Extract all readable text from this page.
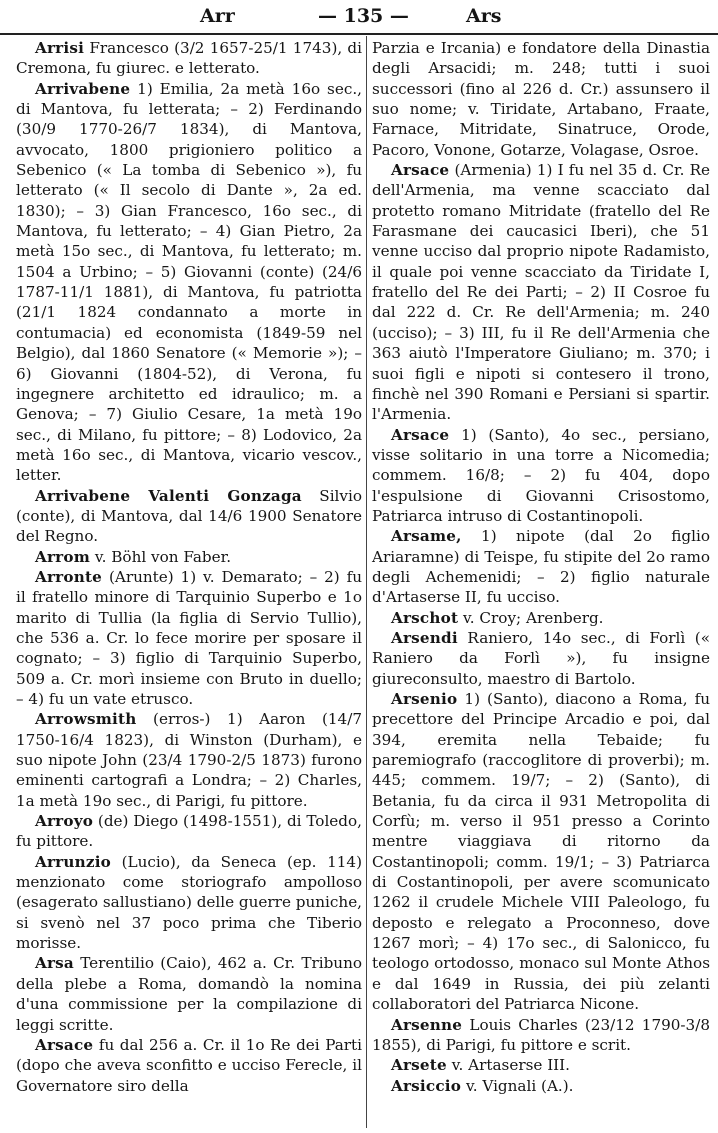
Arr	— 135 —	Ars

Arrisi Francesco (3/2 1657-25/1 1743), di Cremona, fu giurec. e letterato.

Arrivabene 1) Emilia, 2a metà 16o sec., di Mantova, fu letterata; – 2) Ferdinando (30/9 1770-26/7 1834), di Mantova, avvocato, 1800 prigioniero politico a Sebenico (« La tomba di Sebenico »), fu letterato (« Il secolo di Dante », 2a ed. 1830); – 3) Gian Francesco, 16o sec., di Mantova, fu letterato; – 4) Gian Pietro, 2a metà 15o sec., di Mantova, fu letterato; m. 1504 a Urbino; – 5) Giovanni (conte) (24/6 1787-11/1 1881), di Mantova, fu patriotta (21/1 1824 condannato a morte in contumacia) ed economista (1849-59 nel Belgio), dal 1860 Senatore (« Memorie »); – 6) Giovanni (1804-52), di Verona, fu ingegnere architetto ed idraulico; m. a Genova; – 7) Giulio Cesare, 1a metà 19o sec., di Milano, fu pittore; – 8) Lodovico, 2a metà 16o sec., di Mantova, vicario vescov., letter.

Arrivabene Valenti Gonzaga Silvio (conte), di Mantova, dal 14/6 1900 Senatore del Regno.

Arrom v. Böhl von Faber.

Arronte (Arunte) 1) v. Demarato; – 2) fu il fratello minore di Tarquinio Superbo e 1o marito di Tullia (la figlia di Servio Tullio), che 536 a. Cr. lo fece morire per sposare il cognato; – 3) figlio di Tarquinio Superbo, 509 a. Cr. morì insieme con Bruto in duello; – 4) fu un vate etrusco.

Arrowsmith (erros-) 1) Aaron (14/7 1750-16/4 1823), di Winston (Durham), e suo nipote John (23/4 1790-2/5 1873) furono eminenti cartografi a Londra; – 2) Charles, 1a metà 19o sec., di Parigi, fu pittore.

Arroyo (de) Diego (1498-1551), di Toledo, fu pittore.

Arrunzio (Lucio), da Seneca (ep. 114) menzionato come storiografo ampolloso (esagerato sallustiano) delle guerre puniche, si svenò nel 37 poco prima che Tiberio morisse.

Arsa Terentilio (Caio), 462 a. Cr. Tribuno della plebe a Roma, domandò la nomina d'una commissione per la compilazione di leggi scritte.

Arsace fu dal 256 a. Cr. il 1o Re dei Parti (dopo che aveva sconfitto e ucciso Ferecle, il Governatore siro della

Parzia e Ircania) e fondatore della Dinastia degli Arsacidi; m. 248; tutti i suoi successori (fino al 226 d. Cr.) assunsero il suo nome; v. Tiridate, Artabano, Fraate, Farnace, Mitridate, Sinatruce, Orode, Pacoro, Vonone, Gotarze, Volagase, Osroe.

Arsace (Armenia) 1) I fu nel 35 d. Cr. Re dell'Armenia, ma venne scacciato dal protetto romano Mitridate (fratello del Re Farasmane dei caucasici Iberi), che 51 venne ucciso dal proprio nipote Radamisto, il quale poi venne scacciato da Tiridate I, fratello del Re dei Parti; – 2) II Cosroe fu dal 222 d. Cr. Re dell'Armenia; m. 240 (ucciso); – 3) III, fu il Re dell'Armenia che 363 aiutò l'Imperatore Giuliano; m. 370; i suoi figli e nipoti si contesero il trono, finchè nel 390 Romani e Persiani si spartir. l'Armenia.

Arsace 1) (Santo), 4o sec., persiano, visse solitario in una torre a Nicomedia; commem. 16/8; – 2) fu 404, dopo l'espulsione di Giovanni Crisostomo, Patriarca intruso di Costantinopoli.

Arsame, 1) nipote (dal 2o figlio Ariaramne) di Teispe, fu stipite del 2o ramo degli Achemenidi; – 2) figlio naturale d'Artaserse II, fu ucciso.

Arschot v. Croy; Arenberg.

Arsendi Raniero, 14o sec., di Forlì (« Raniero da Forlì »), fu insigne giureconsulto, maestro di Bartolo.

Arsenio 1) (Santo), diacono a Roma, fu precettore del Principe Arcadio e poi, dal 394, eremita nella Tebaide; fu paremiografo (raccoglitore di proverbi); m. 445; commem. 19/7; – 2) (Santo), di Betania, fu da circa il 931 Metropolita di Corfù; m. verso il 951 presso a Corinto mentre viaggiava di ritorno da Costantinopoli; comm. 19/1; – 3) Patriarca di Costantinopoli, per avere scomunicato 1262 il crudele Michele VIII Paleologo, fu deposto e relegato a Proconneso, dove 1267 morì; – 4) 17o sec., di Salonicco, fu teologo ortodosso, monaco sul Monte Athos e dal 1649 in Russia, dei più zelanti collaboratori del Patriarca Nicone.

Arsenne Louis Charles (23/12 1790-3/8 1855), di Parigi, fu pittore e scrit.

Arsete v. Artaserse III.

Arsiccio v. Vignali (A.).
